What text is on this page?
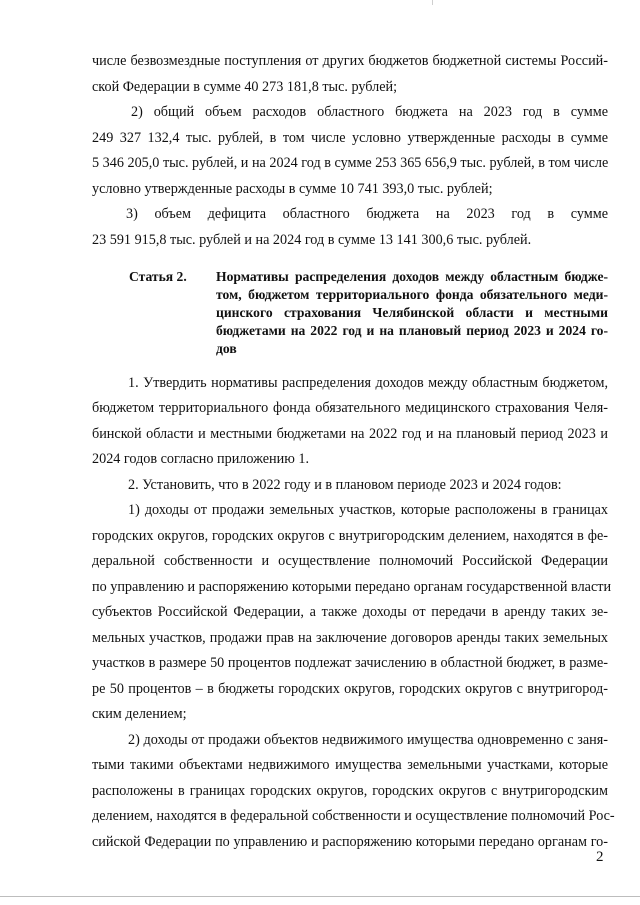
числе безвозмездные поступления от других бюджетов бюджетной системы Россий-
ской Федерации в сумме 40 273 181,8 тыс. рублей;
2) общий объем расходов областного бюджета на 2023 год в сумме
249 327 132,4 тыс. рублей, в том числе условно утвержденные расходы в сумме
5 346 205,0 тыс. рублей, и на 2024 год в сумме 253 365 656,9 тыс. рублей, в том числе
условно утвержденные расходы в сумме 10 741 393,0 тыс. рублей;
3) объем дефицита областного бюджета на 2023 год в сумме
23 591 915,8 тыс. рублей и на 2024 год в сумме 13 141 300,6 тыс. рублей.
Статья 2. Нормативы распределения доходов между областным бюдже-
том, бюджетом территориального фонда обязательного меди-
цинского страхования Челябинской области и местными
бюджетами на 2022 год и на плановый период 2023 и 2024 го-
дов
1. Утвердить нормативы распределения доходов между областным бюджетом,
бюджетом территориального фонда обязательного медицинского страхования Челя-
бинской области и местными бюджетами на 2022 год и на плановый период 2023 и
2024 годов согласно приложению 1.
2. Установить, что в 2022 году и в плановом периоде 2023 и 2024 годов:
1) доходы от продажи земельных участков, которые расположены в границах
городских округов, городских округов с внутригородским делением, находятся в фе-
деральной собственности и осуществление полномочий Российской Федерации
по управлению и распоряжению которыми передано органам государственной власти
субъектов Российской Федерации, а также доходы от передачи в аренду таких зе-
мельных участков, продажи прав на заключение договоров аренды таких земельных
участков в размере 50 процентов подлежат зачислению в областной бюджет, в разме-
ре 50 процентов – в бюджеты городских округов, городских округов с внутригород-
ским делением;
2) доходы от продажи объектов недвижимого имущества одновременно с заня-
тыми такими объектами недвижимого имущества земельными участками, которые
расположены в границах городских округов, городских округов с внутригородским
делением, находятся в федеральной собственности и осуществление полномочий Рос-
сийской Федерации по управлению и распоряжению которыми передано органам го-
2
